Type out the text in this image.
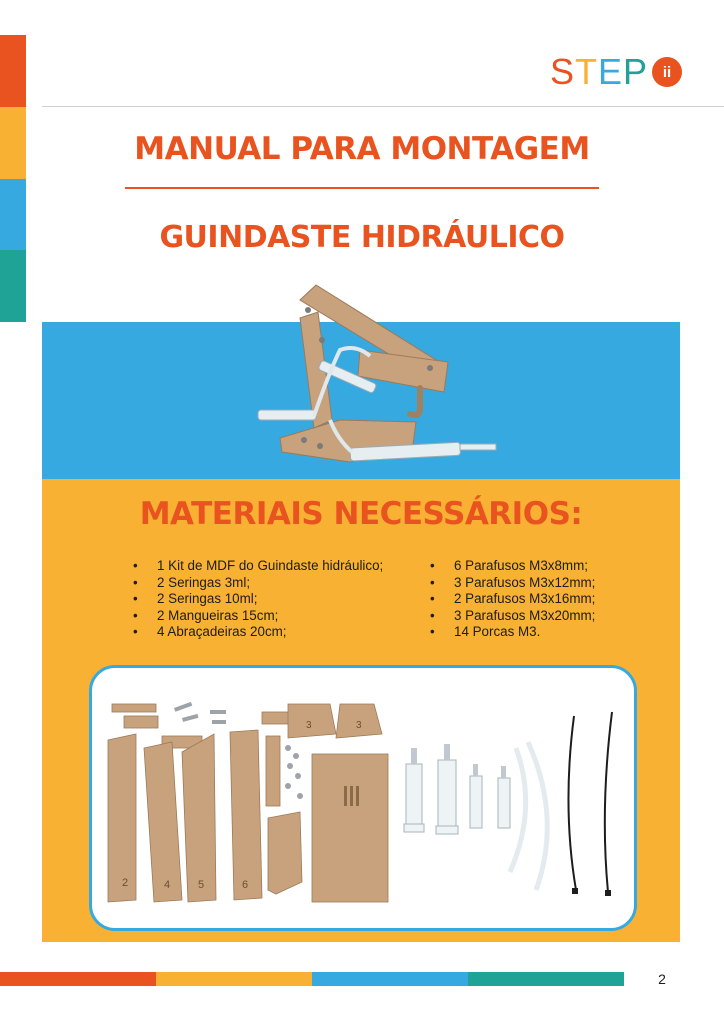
S T E P ii
MANUAL PARA MONTAGEM
GUINDASTE HIDRÁULICO
MATERIAIS NECESSÁRIOS:
• 1 Kit de MDF do Guindaste hidráulico;
• 2 Seringas 3ml;
• 2 Seringas 10ml;
• 2 Mangueiras 15cm;
• 4 Abraçadeiras 20cm;
• 6 Parafusos M3x8mm;
• 3 Parafusos M3x12mm;
• 2 Parafusos M3x16mm;
• 3 Parafusos M3x20mm;
• 14 Porcas M3.
2	4	5	6
3	3
2
